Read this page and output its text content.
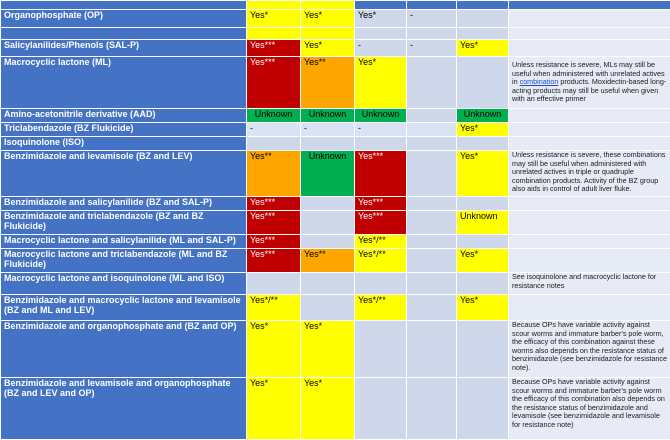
Organophosphate (OP)	Yes*	Yes*	Yes*	-		

Salicylanilides/Phenols (SAL-P)	Yes***	Yes*	-	-	Yes*	
Macrocyclic lactone (ML)	Yes***	Yes**	Yes*			Unless resistance is severe, MLs may still be useful when administered with unrelated actives in combination products. Moxidectin-based long-acting products may still be useful when given with an effective primer
Amino-acetonitrile derivative (AAD)	Unknown	Unknown	Unknown		Unknown	
Triclabendazole (BZ Flukicide)	-	-	-		Yes*	
Isoquinolone (ISO)						
Benzimidazole and levamisole (BZ and LEV)	Yes**	Unknown	Yes***		Yes*	Unless resistance is severe, these combinations may still be useful when administered with unrelated actives in triple or quadruple combination products. Activity of the BZ group also aids in control of adult liver fluke.
Benzimidazole and salicylanilide (BZ and SAL-P)	Yes***		Yes***			
Benzimidazole and triclabendazole (BZ and BZ Flukicide)	Yes***		Yes***		Unknown	
Macrocyclic lactone and salicylanilide (ML and SAL-P)	Yes***		Yes*/**			
Macrocyclic lactone and triclabendazole (ML and BZ Flukicide)	Yes***	Yes**	Yes*/**		Yes*	
Macrocyclic lactone and isoquinolone (ML and ISO)						See isoquinolone and macrocyclic lactone for resistance notes
Benzimidazole and macrocyclic lactone and levamisole (BZ and ML and LEV)	Yes*/**		Yes*/**		Yes*	
Benzimidazole and organophosphate and (BZ and OP)	Yes*	Yes*				Because OPs have variable activity against scour worms and immature barber's pole worm, the efficacy of this combination against these worms also depends on the resistance status of benzimidazole (see benzimidazole for resistance note).
Benzimidazole and levamisole and organophosphate (BZ and LEV and OP)	Yes*	Yes*				Because OPs have variable activity against scour worms and immature barber's pole worm the efficacy of this combination also depends on the resistance status of benzimidazole and levamisole (see benzimidazole and levamisole for resistance note)
